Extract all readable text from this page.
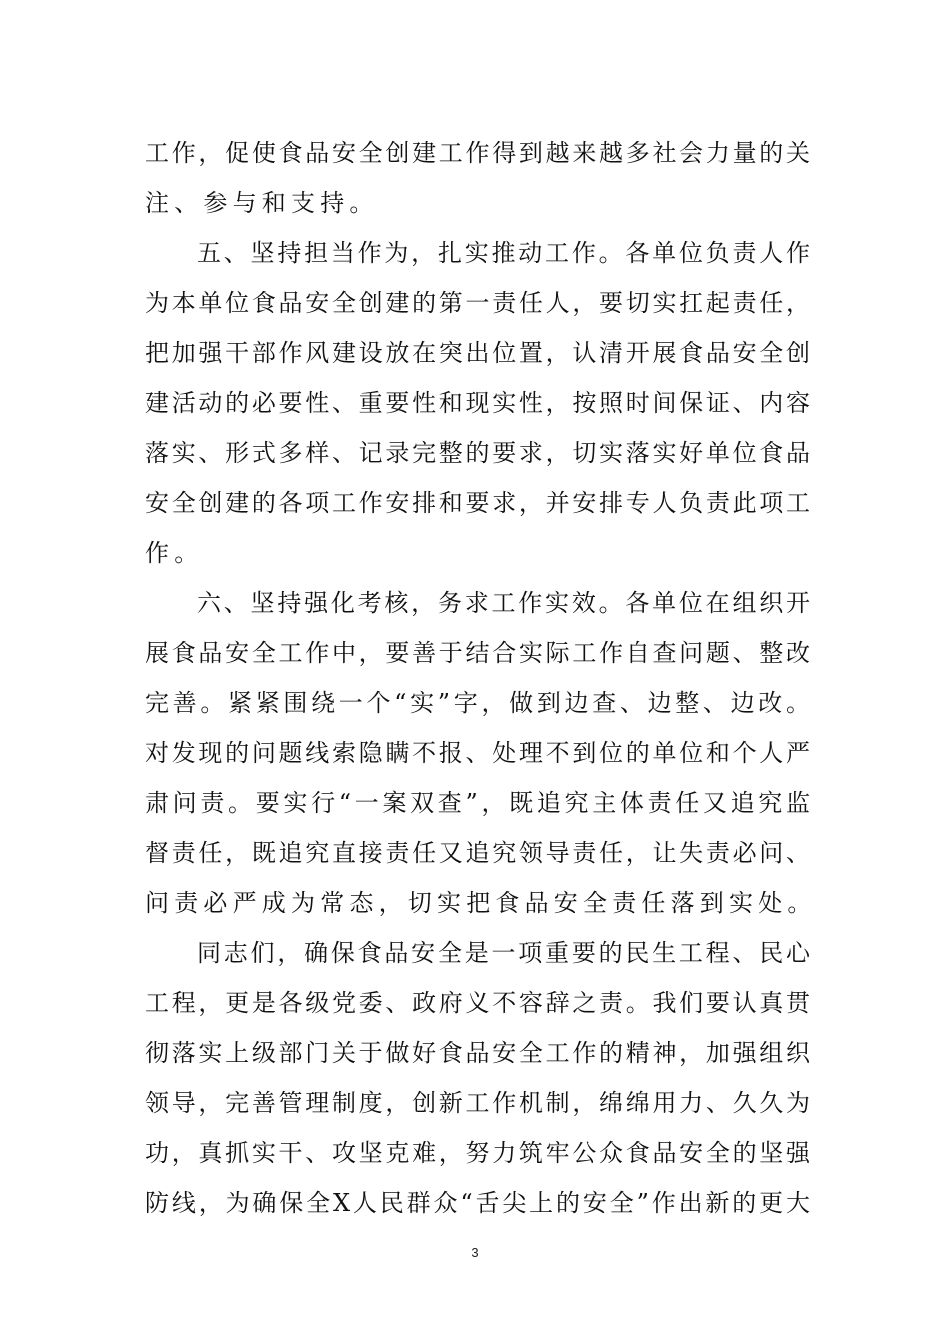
工作，促使食品安全创建工作得到越来越多社会力量的关
注、参与和支持。
五、坚持担当作为，扎实推动工作。各单位负责人作
为本单位食品安全创建的第一责任人，要切实扛起责任，
把加强干部作风建设放在突出位置，认清开展食品安全创
建活动的必要性、重要性和现实性，按照时间保证、内容
落实、形式多样、记录完整的要求，切实落实好单位食品
安全创建的各项工作安排和要求，并安排专人负责此项工
作。
六、坚持强化考核，务求工作实效。各单位在组织开
展食品安全工作中，要善于结合实际工作自查问题、整改
完善。紧紧围绕一个“实”字，做到边查、边整、边改。
对发现的问题线索隐瞒不报、处理不到位的单位和个人严
肃问责。要实行“一案双查”，既追究主体责任又追究监
督责任，既追究直接责任又追究领导责任，让失责必问、
问责必严成为常态，切实把食品安全责任落到实处。
同志们，确保食品安全是一项重要的民生工程、民心
工程，更是各级党委、政府义不容辞之责。我们要认真贯
彻落实上级部门关于做好食品安全工作的精神，加强组织
领导，完善管理制度，创新工作机制，绵绵用力、久久为
功，真抓实干、攻坚克难，努力筑牢公众食品安全的坚强
防线，为确保全X人民群众“舌尖上的安全”作出新的更大
3
